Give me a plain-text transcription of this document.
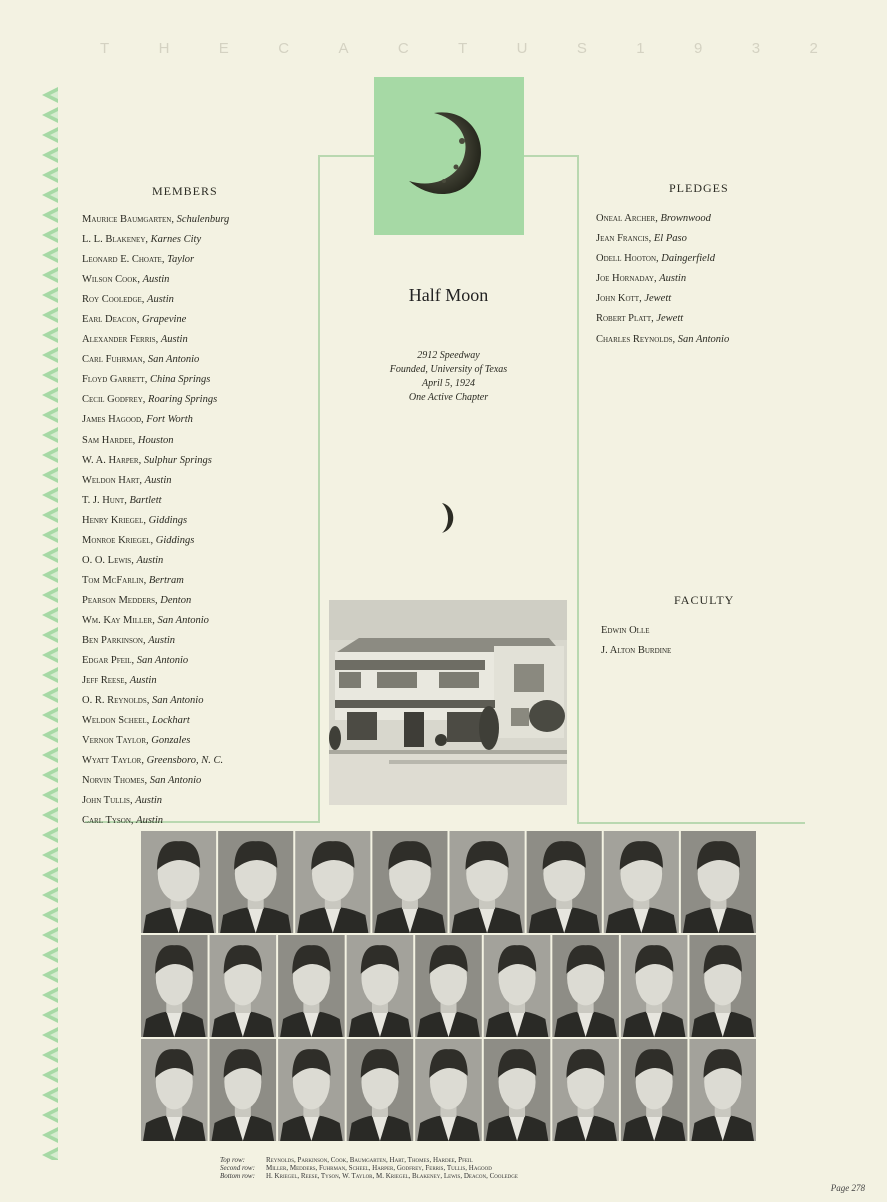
T	H	E	C	A	C	T	U	S	1	9	3	2
MEMBERS	PLEDGES
FACULTY
Maurice Baumgarten, Schulenburg
L. L. Blakeney, Karnes City
Leonard E. Choate, Taylor
Wilson Cook, Austin
Roy Cooledge, Austin
Earl Deacon, Grapevine
Alexander Ferris, Austin
Carl Fuhrman, San Antonio
Floyd Garrett, China Springs
Cecil Godfrey, Roaring Springs
James Hagood, Fort Worth
Sam Hardee, Houston
W. A. Harper, Sulphur Springs
Weldon Hart, Austin
T. J. Hunt, Bartlett
Henry Kriegel, Giddings
Monroe Kriegel, Giddings
O. O. Lewis, Austin
Tom McFarlin, Bertram
Pearson Medders, Denton
Wm. Kay Miller, San Antonio
Ben Parkinson, Austin
Edgar Pfeil, San Antonio
Jeff Reese, Austin
O. R. Reynolds, San Antonio
Weldon Scheel, Lockhart
Vernon Taylor, Gonzales
Wyatt Taylor, Greensboro, N. C.
Norvin Thomes, San Antonio
John Tullis, Austin
Carl Tyson, Austin
Oneal Archer, Brownwood
Jean Francis, El Paso
Odell Hooton, Daingerfield
Joe Hornaday, Austin
John Kott, Jewett
Robert Platt, Jewett
Charles Reynolds, San Antonio
Edwin Olle
J. Alton Burdine
Half Moon
2912 Speedway
Founded, University of Texas
April 5, 1924
One Active Chapter
Top row:	Reynolds, Parkinson, Cook, Baumgarten, Hart, Thomes, Hardee, Pfeil
Second row: Miller, Medders, Fuhrman, Scheel, Harper, Godfrey, Ferris, Tullis, Hagood
Bottom row: H. Kriegel, Reese, Tyson, W. Taylor, M. Kriegel, Blakeney, Lewis, Deacon, Cooledge
Page 278
